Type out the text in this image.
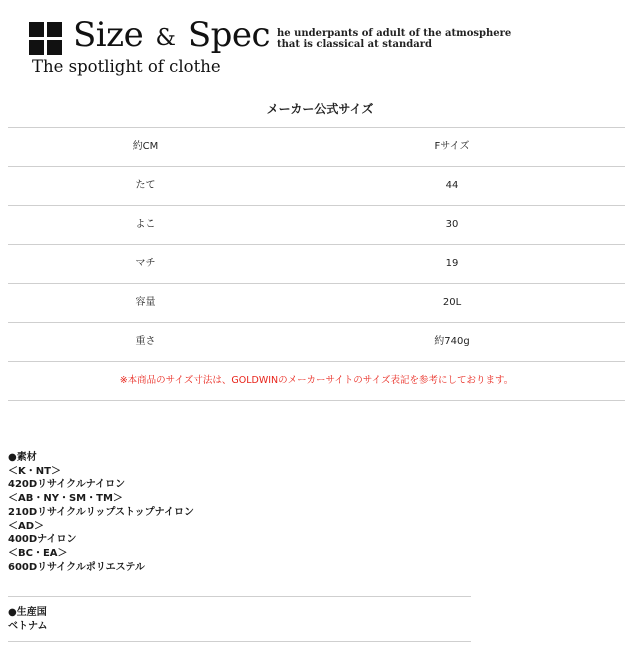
Size & Spec
The spotlight of clothe
he underpants of adult of the atmosphere
that is classical at standard
メーカー公式サイズ
約CM	Fサイズ
たて	44
よこ	30
マチ	19
容量	20L
重さ	約740g
※本商品のサイズ寸法は、GOLDWINのメーカーサイトのサイズ表記を参考にしております。
●素材
＜K・NT＞
420Dリサイクルナイロン
＜AB・NY・SM・TM＞
210Dリサイクルリップストップナイロン
＜AD＞
400Dナイロン
＜BC・EA＞
600Dリサイクルポリエステル
●生産国
ベトナム
